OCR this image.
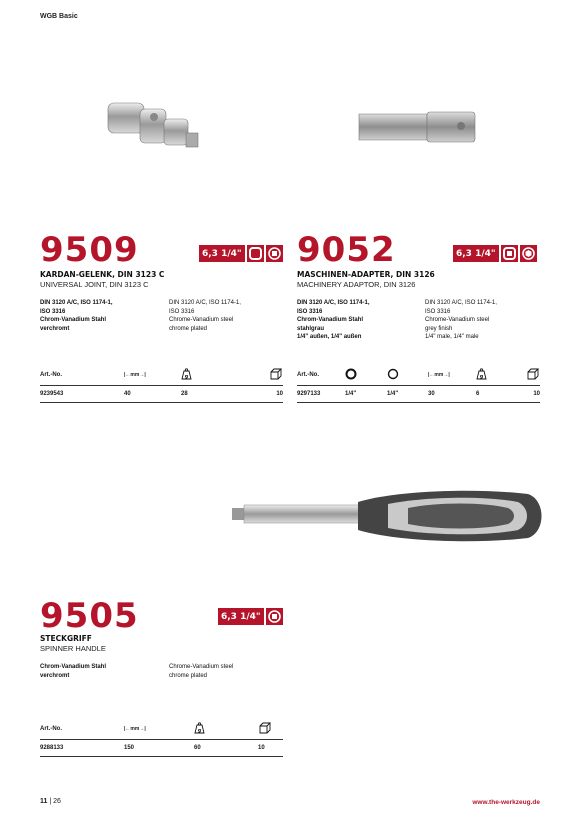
WGB Basic
9509	6,3
1/4"
KARDAN-GELENK, DIN 3123 C
UNIVERSAL JOINT, DIN 3123 C
DIN 3120 A/C, ISO 1174-1,
ISO 3316
Chrom-Vanadium Stahl
verchromt
DIN 3120 A/C, ISO 1174-1,
ISO 3316
Chrome-Vanadium steel
chrome plated
Art.-No.	|←mm→|	g

9239543	40	28	10
9052	6,3
1/4"
MASCHINEN-ADAPTER, DIN 3126
MACHINERY ADAPTOR, DIN 3126
DIN 3120 A/C, ISO 1174-1,
ISO 3316
Chrom-Vanadium Stahl
stahlgrau
1/4" außen, 1/4" außen
DIN 3120 A/C, ISO 1174-1,
ISO 3316
Chrome-Vanadium steel
grey finish
1/4" male, 1/4" male
Art.-No.			|←mm→|	g

9297133	1/4"	1/4"	30	6	10
9505	6,3
1/4"
STECKGRIFF
SPINNER HANDLE
Chrom-Vanadium Stahl
verchromt
Chrome-Vanadium steel
chrome plated
Art.-No.	|←mm→|	g

9288133	150	60	10
11 | 26	www.the-werkzeug.de
